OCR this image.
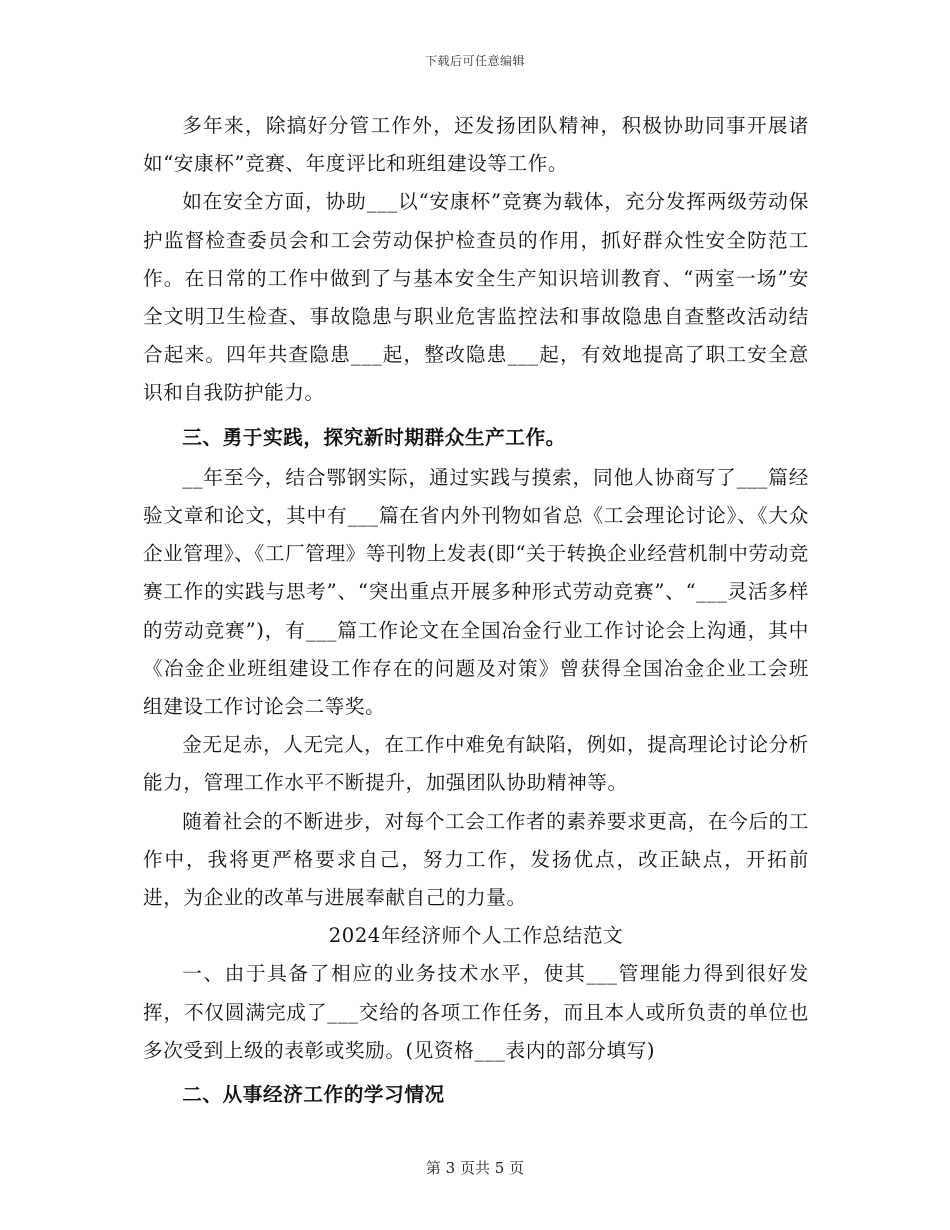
下载后可任意编辑

多年来，除搞好分管工作外，还发扬团队精神，积极协助同事开展诸如“安康杯”竞赛、年度评比和班组建设等工作。

如在安全方面，协助___以“安康杯”竞赛为载体，充分发挥两级劳动保护监督检查委员会和工会劳动保护检查员的作用，抓好群众性安全防范工作。在日常的工作中做到了与基本安全生产知识培训教育、“两室一场”安全文明卫生检查、事故隐患与职业危害监控法和事故隐患自查整改活动结合起来。四年共查隐患___起，整改隐患___起，有效地提高了职工安全意识和自我防护能力。

三、勇于实践，探究新时期群众生产工作。

__年至今，结合鄂钢实际，通过实践与摸索，同他人协商写了___篇经验文章和论文，其中有___篇在省内外刊物如省总《工会理论讨论》、《大众企业管理》、《工厂管理》等刊物上发表(即“关于转换企业经营机制中劳动竞赛工作的实践与思考”、“突出重点开展多种形式劳动竞赛”、“___灵活多样的劳动竞赛”)，有___篇工作论文在全国冶金行业工作讨论会上沟通，其中《冶金企业班组建设工作存在的问题及对策》曾获得全国冶金企业工会班组建设工作讨论会二等奖。

金无足赤，人无完人，在工作中难免有缺陷，例如，提高理论讨论分析能力，管理工作水平不断提升，加强团队协助精神等。

随着社会的不断进步，对每个工会工作者的素养要求更高，在今后的工作中，我将更严格要求自己，努力工作，发扬优点，改正缺点，开拓前进，为企业的改革与进展奉献自己的力量。

2024年经济师个人工作总结范文

一、由于具备了相应的业务技术水平，使其___管理能力得到很好发挥，不仅圆满完成了___交给的各项工作任务，而且本人或所负责的单位也多次受到上级的表彰或奖励。(见资格___表内的部分填写)

二、从事经济工作的学习情况

第 3 页共 5 页
